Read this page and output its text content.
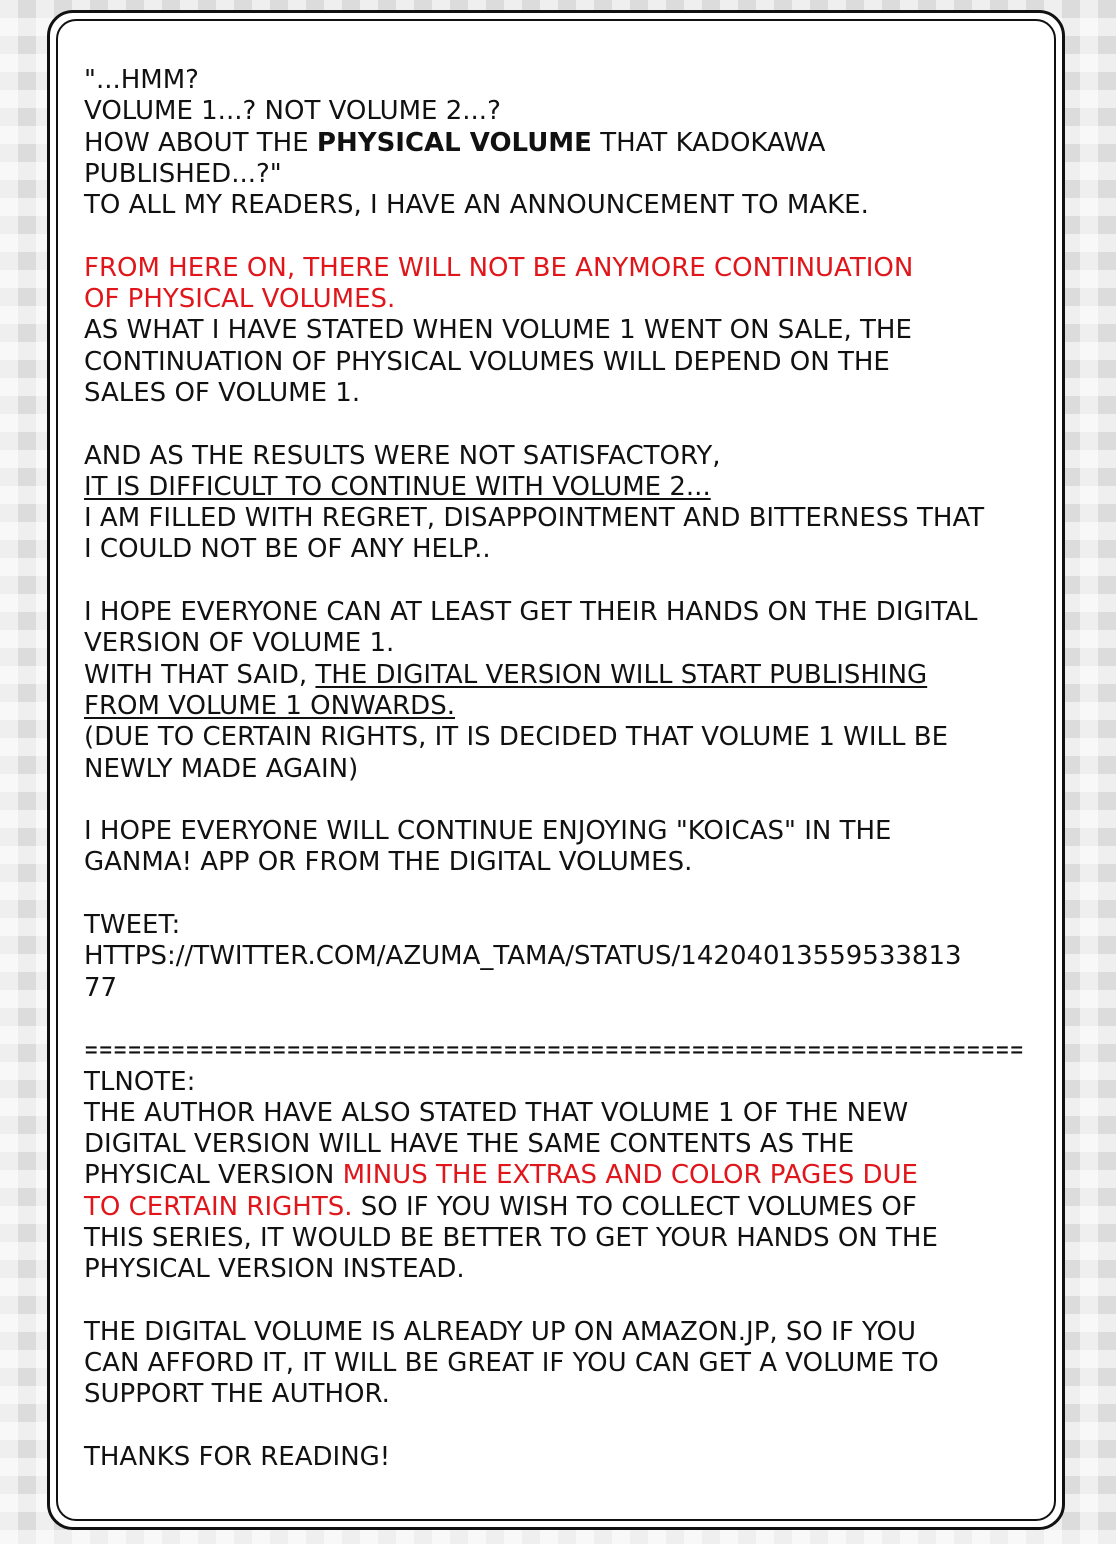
"...HMM?
VOLUME 1...? NOT VOLUME 2...?
HOW ABOUT THE PHYSICAL VOLUME THAT KADOKAWA
PUBLISHED...?"
TO ALL MY READERS, I HAVE AN ANNOUNCEMENT TO MAKE.
FROM HERE ON, THERE WILL NOT BE ANYMORE CONTINUATION
OF PHYSICAL VOLUMES.
AS WHAT I HAVE STATED WHEN VOLUME 1 WENT ON SALE, THE
CONTINUATION OF PHYSICAL VOLUMES WILL DEPEND ON THE
SALES OF VOLUME 1.
AND AS THE RESULTS WERE NOT SATISFACTORY,
IT IS DIFFICULT TO CONTINUE WITH VOLUME 2...
I AM FILLED WITH REGRET, DISAPPOINTMENT AND BITTERNESS THAT
I COULD NOT BE OF ANY HELP..
I HOPE EVERYONE CAN AT LEAST GET THEIR HANDS ON THE DIGITAL
VERSION OF VOLUME 1.
WITH THAT SAID, THE DIGITAL VERSION WILL START PUBLISHING
FROM VOLUME 1 ONWARDS.
(DUE TO CERTAIN RIGHTS, IT IS DECIDED THAT VOLUME 1 WILL BE
NEWLY MADE AGAIN)
I HOPE EVERYONE WILL CONTINUE ENJOYING "KOICAS" IN THE
GANMA! APP OR FROM THE DIGITAL VOLUMES.
TWEET:
HTTPS://TWITTER.COM/AZUMA_TAMA/STATUS/14204013559533813
77
=================================================================
TLNOTE:
THE AUTHOR HAVE ALSO STATED THAT VOLUME 1 OF THE NEW
DIGITAL VERSION WILL HAVE THE SAME CONTENTS AS THE
PHYSICAL VERSION MINUS THE EXTRAS AND COLOR PAGES DUE
TO CERTAIN RIGHTS. SO IF YOU WISH TO COLLECT VOLUMES OF
THIS SERIES, IT WOULD BE BETTER TO GET YOUR HANDS ON THE
PHYSICAL VERSION INSTEAD.
THE DIGITAL VOLUME IS ALREADY UP ON AMAZON.JP, SO IF YOU
CAN AFFORD IT, IT WILL BE GREAT IF YOU CAN GET A VOLUME TO
SUPPORT THE AUTHOR.
THANKS FOR READING!
